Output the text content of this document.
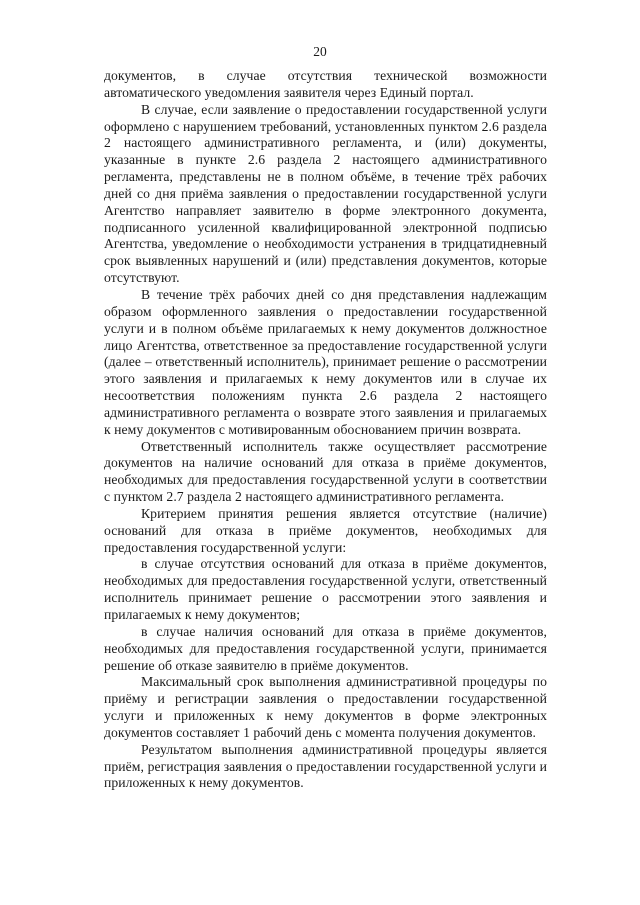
20

документов, в случае отсутствия технической возможности автоматического уведомления заявителя через Единый портал.

В случае, если заявление о предоставлении государственной услуги оформлено с нарушением требований, установленных пунктом 2.6 раздела 2 настоящего административного регламента, и (или) документы, указанные в пункте 2.6 раздела 2 настоящего административного регламента, представлены не в полном объёме, в течение трёх рабочих дней со дня приёма заявления о предоставлении государственной услуги Агентство направляет заявителю в форме электронного документа, подписанного усиленной квалифицированной электронной подписью Агентства, уведомление о необходимости устранения в тридцатидневный срок выявленных нарушений и (или) представления документов, которые отсутствуют.

В течение трёх рабочих дней со дня представления надлежащим образом оформленного заявления о предоставлении государственной услуги и в полном объёме прилагаемых к нему документов должностное лицо Агентства, ответственное за предоставление государственной услуги (далее – ответственный исполнитель), принимает решение о рассмотрении этого заявления и прилагаемых к нему документов или в случае их несоответствия положениям пункта 2.6 раздела 2 настоящего административного регламента о возврате этого заявления и прилагаемых к нему документов с мотивированным обоснованием причин возврата.

Ответственный исполнитель также осуществляет рассмотрение документов на наличие оснований для отказа в приёме документов, необходимых для предоставления государственной услуги в соответствии с пунктом 2.7 раздела 2 настоящего административного регламента.

Критерием принятия решения является отсутствие (наличие) оснований для отказа в приёме документов, необходимых для предоставления государственной услуги:

в случае отсутствия оснований для отказа в приёме документов, необходимых для предоставления государственной услуги, ответственный исполнитель принимает решение о рассмотрении этого заявления и прилагаемых к нему документов;

в случае наличия оснований для отказа в приёме документов, необходимых для предоставления государственной услуги, принимается решение об отказе заявителю в приёме документов.

Максимальный срок выполнения административной процедуры по приёму и регистрации заявления о предоставлении государственной услуги и приложенных к нему документов в форме электронных документов составляет 1 рабочий день с момента получения документов.

Результатом выполнения административной процедуры является приём, регистрация заявления о предоставлении государственной услуги и приложенных к нему документов.
